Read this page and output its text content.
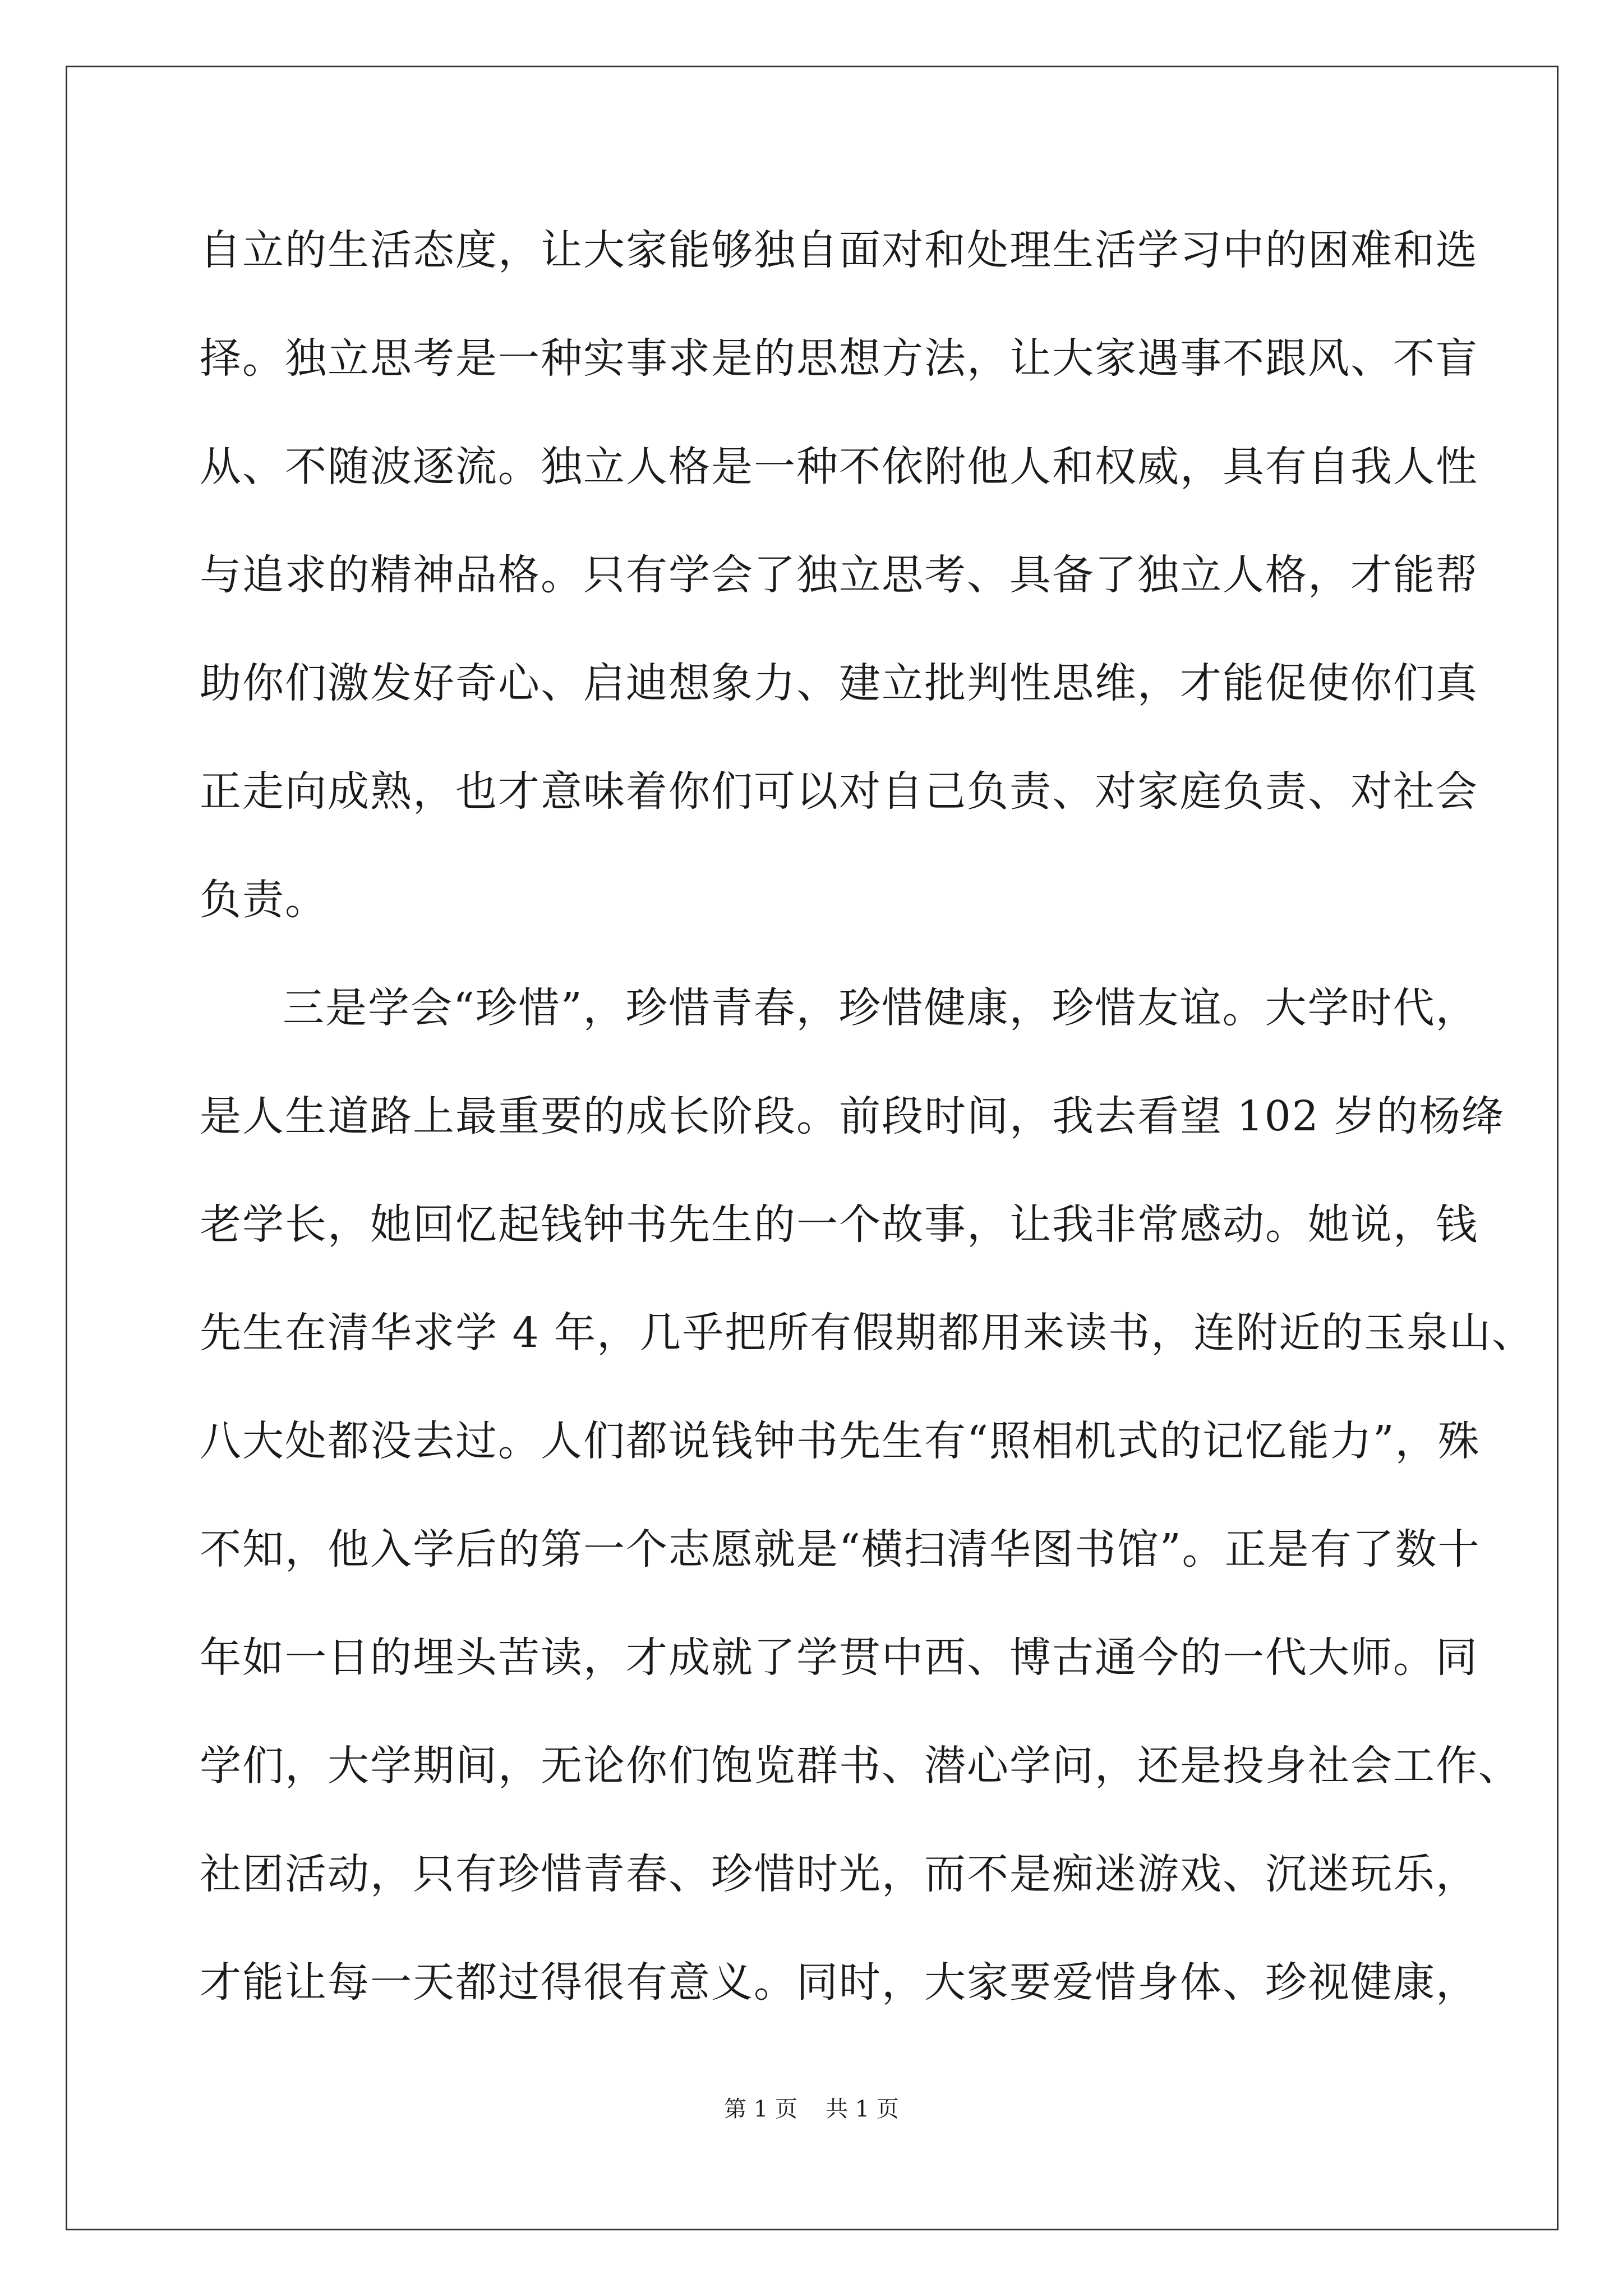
自立的生活态度，让大家能够独自面对和处理生活学习中的困难和选
择。独立思考是一种实事求是的思想方法，让大家遇事不跟风、不盲
从、不随波逐流。独立人格是一种不依附他人和权威，具有自我人性
与追求的精神品格。只有学会了独立思考、具备了独立人格，才能帮
助你们激发好奇心、启迪想象力、建立批判性思维，才能促使你们真
正走向成熟，也才意味着你们可以对自己负责、对家庭负责、对社会
负责。
三是学会“珍惜”，珍惜青春，珍惜健康，珍惜友谊。大学时代，
是人生道路上最重要的成长阶段。前段时间，我去看望 102 岁的杨绛
老学长，她回忆起钱钟书先生的一个故事，让我非常感动。她说，钱
先生在清华求学 4 年，几乎把所有假期都用来读书，连附近的玉泉山、
八大处都没去过。人们都说钱钟书先生有“照相机式的记忆能力”，殊
不知，他入学后的第一个志愿就是“横扫清华图书馆”。正是有了数十
年如一日的埋头苦读，才成就了学贯中西、博古通今的一代大师。同
学们，大学期间，无论你们饱览群书、潜心学问，还是投身社会工作、
社团活动，只有珍惜青春、珍惜时光，而不是痴迷游戏、沉迷玩乐，
才能让每一天都过得很有意义。同时，大家要爱惜身体、珍视健康，
第 1 页 共 1 页
